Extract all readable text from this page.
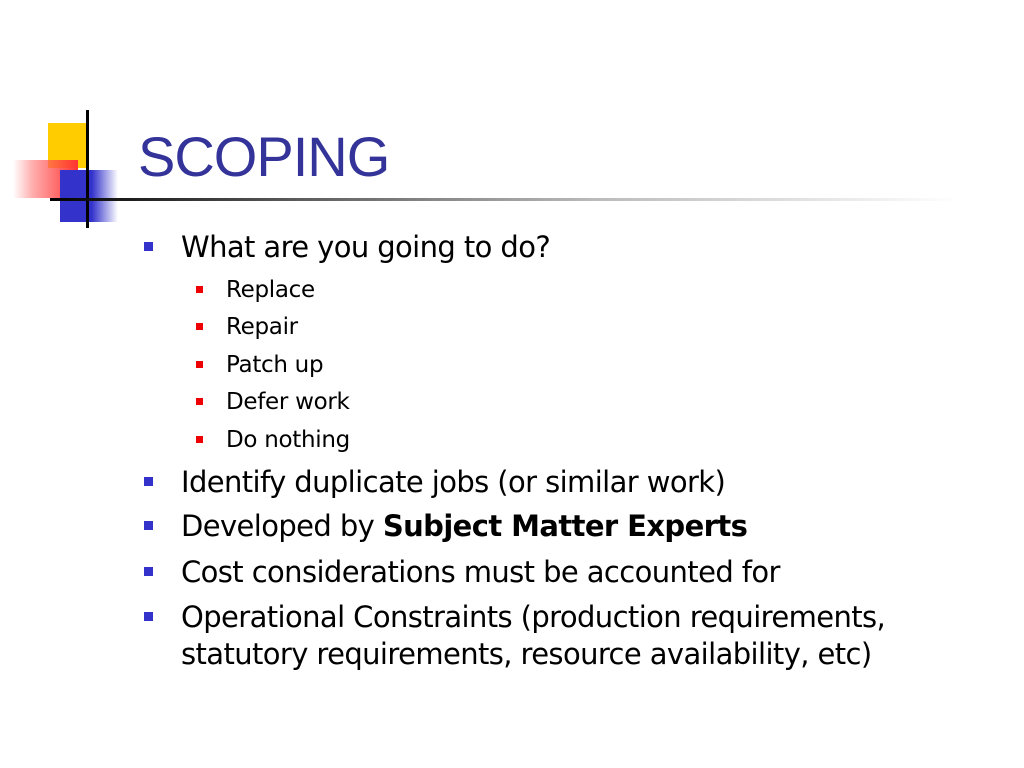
SCOPING
What are you going to do?
Replace
Repair
Patch up
Defer work
Do nothing
Identify duplicate jobs (or similar work)
Developed by Subject Matter Experts
Cost considerations must be accounted for
Operational Constraints (production requirements, statutory requirements, resource availability, etc)
